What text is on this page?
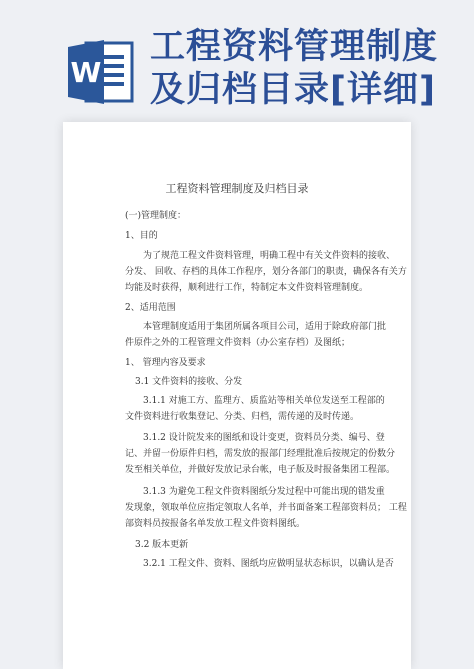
W
工程资料管理制度
及归档目录[详细]
工程资料管理制度及归档目录
(一)管理制度：
1、目的
为了规范工程文件资料管理，明确工程中有关文件资料的接收、
分发、 回收、存档的具体工作程序，划分各部门的职责，确保各有关方
均能及时获得，顺利进行工作，特制定本文件资料管理制度。
2、适用范围
本管理制度适用于集团所属各项目公司，适用于除政府部门批
件原件之外的工程管理文件资料（办公室存档）及图纸；
1、 管理内容及要求
3.1 文件资料的接收、分发
3.1.1 对施工方、监理方、质监站等相关单位发送至工程部的
文件资料进行收集登记、分类、归档，需传递的及时传递。
3.1.2 设计院发来的图纸和设计变更，资料员分类、编号、登
记、并留一份原件归档，需发放的报部门经理批准后按规定的份数分
发至相关单位，并做好发放记录台帐，电子版及时报备集团工程部。
3.1.3 为避免工程文件资料图纸分发过程中可能出现的错发重
发现象，领取单位应指定领取人名单，并书面备案工程部资料员； 工程
部资料员按报备名单发放工程文件资料图纸。
3.2 版本更新
3.2.1 工程文件、资料、图纸均应做明显状态标识，以确认是否
